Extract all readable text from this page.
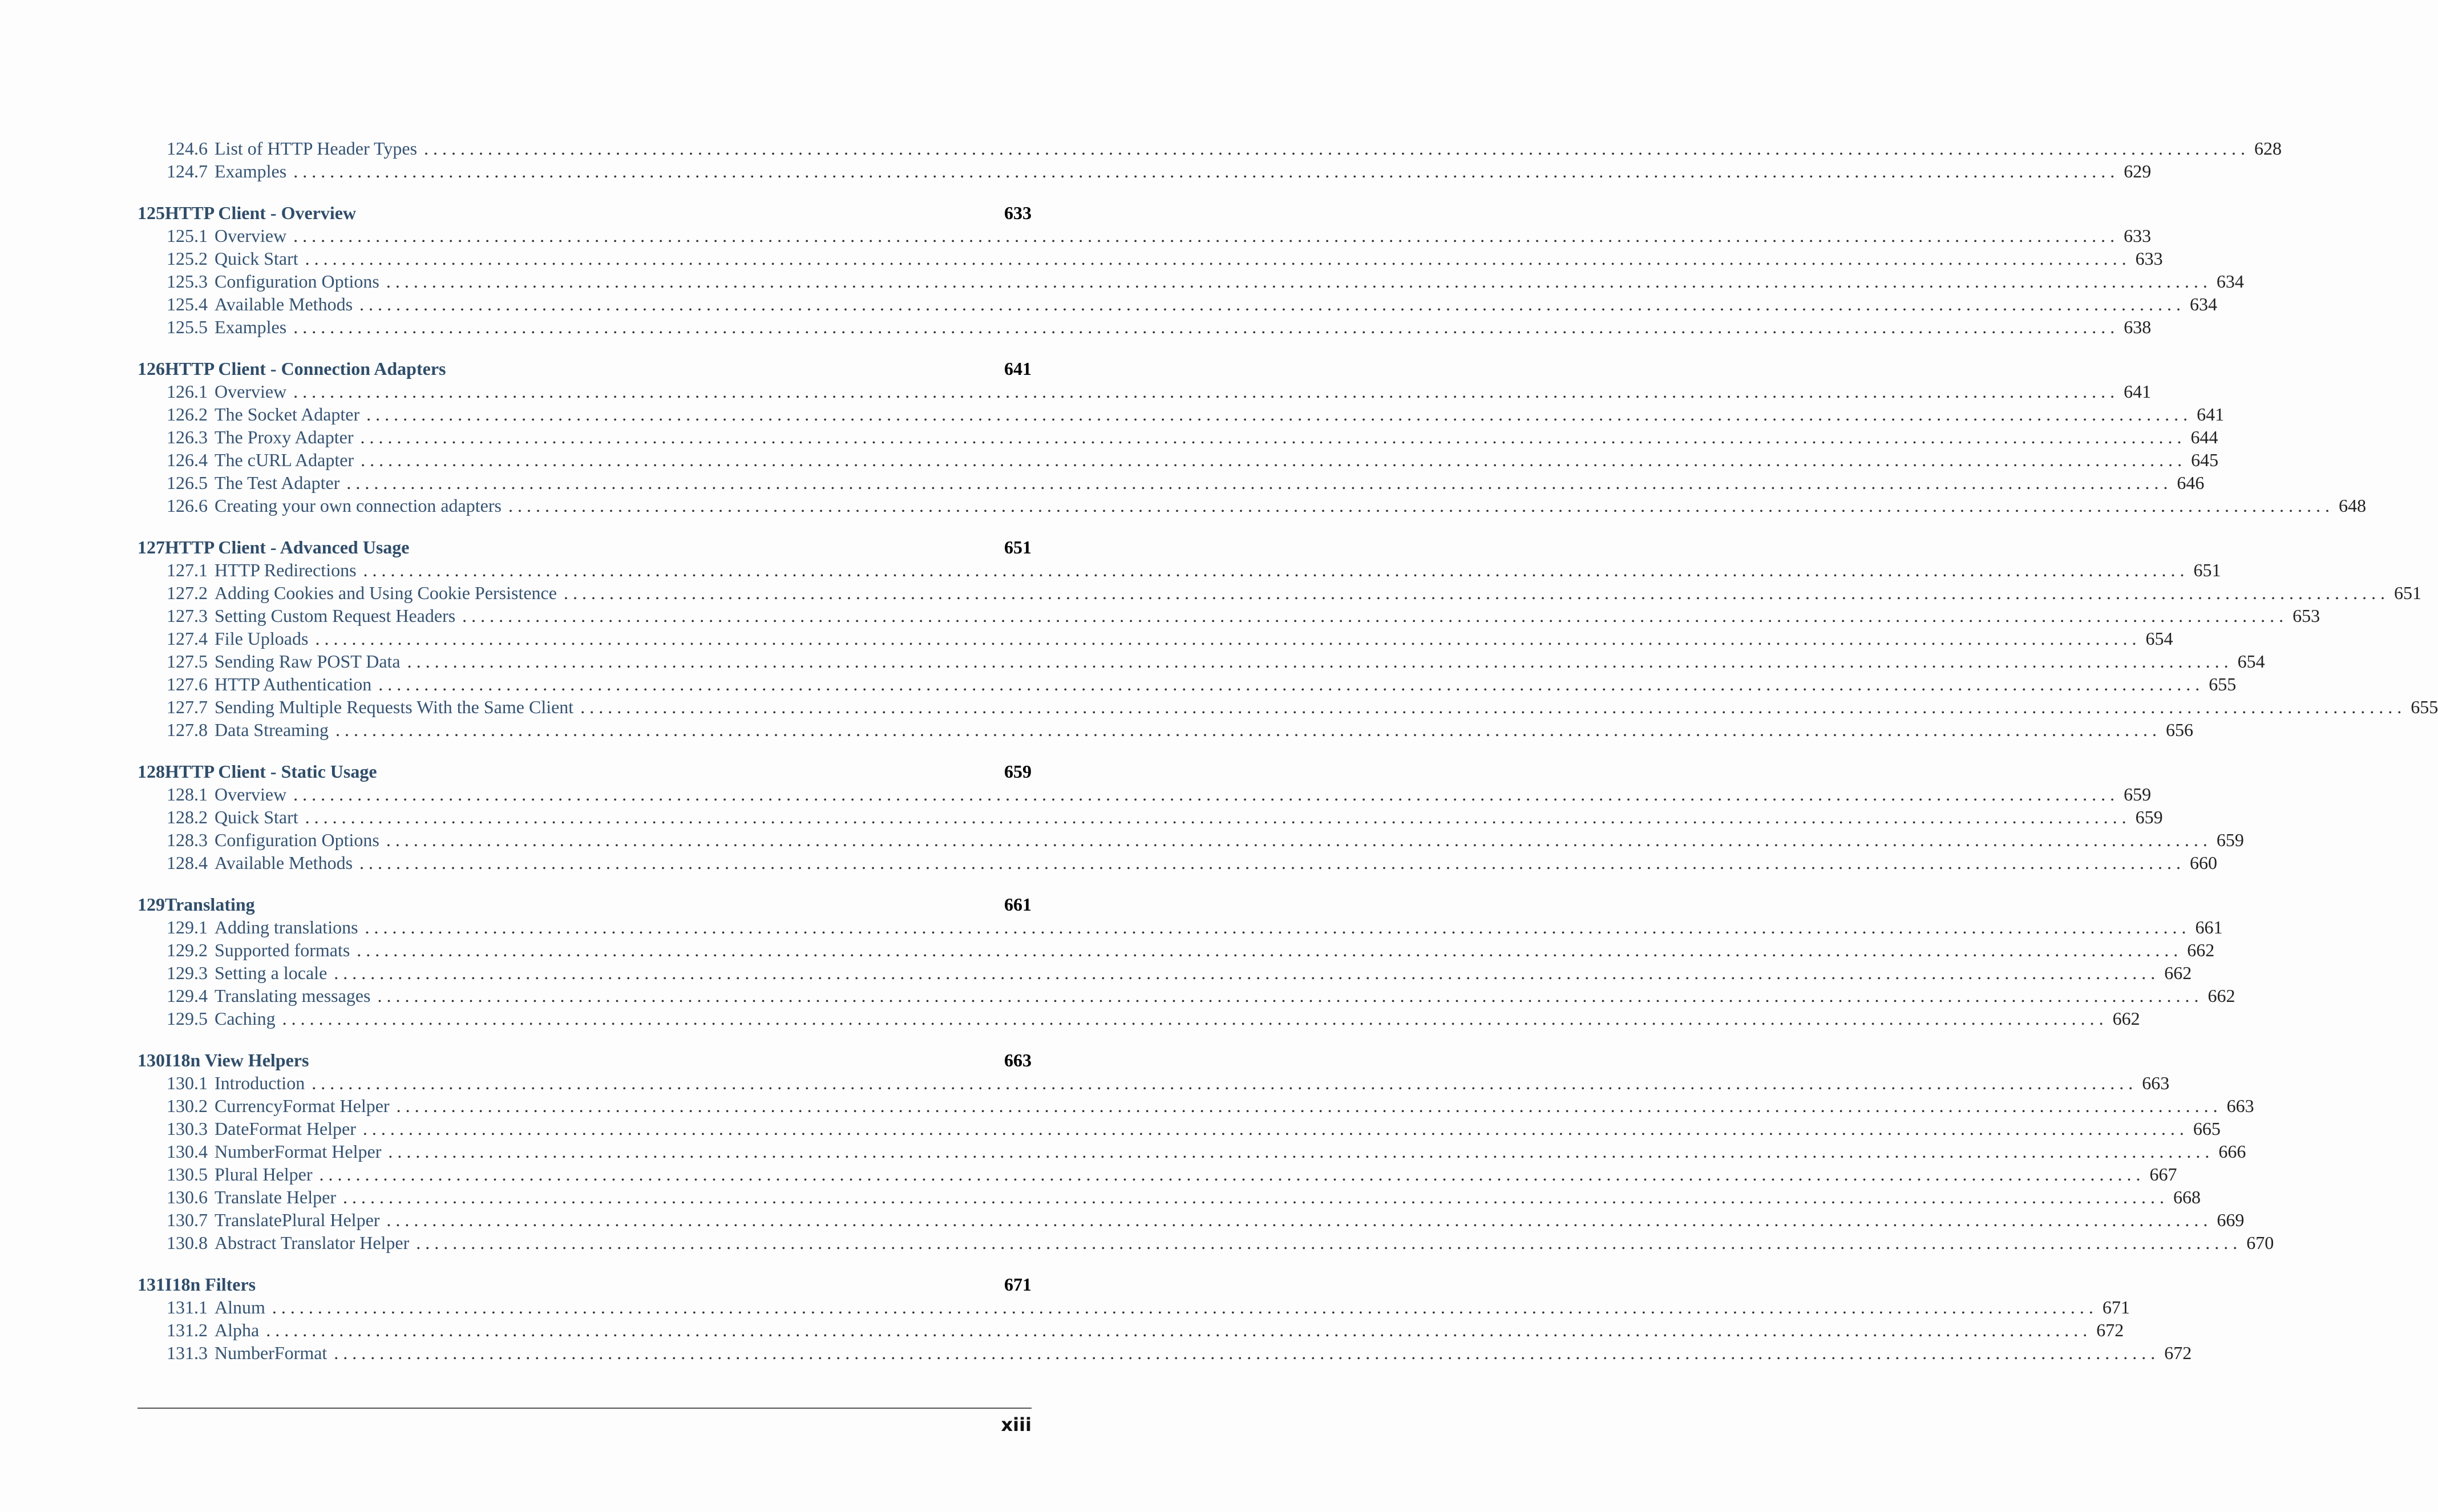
124.6 List of HTTP Header Types . . . . . . . . . . . . . . . . . . . . . . . . . . . . . . . . . . . . . . . . . . . . . . . . . . . . . . . . . . . . . . . . . . . . . . . . . . . . . . . . . . . . . . . . . . . . . . . . . . . . . . . . . . . . . . . . . . . . . . . . . . . . . . . . . . . . . . . . . . . . . . . . . . . . . . . . . . . . . . . . . . . . . . . . . . . . . . . . . . . . . . . . . . . . . . . . . . . . . . . . 628
124.7 Examples . . . . . . . . . . . . . . . . . . . . . . . . . . . . . . . . . . . . . . . . . . . . . . . . . . . . . . . . . . . . . . . . . . . . . . . . . . . . . . . . . . . . . . . . . . . . . . . . . . . . . . . . . . . . . . . . . . . . . . . . . . . . . . . . . . . . . . . . . . . . . . . . . . . . . . . . . . . . . . . . . . . . . . . . . . . . . . . . . . . . . . . . . . . . . . . . . . . . . . . . 629
125 HTTP Client - Overview	633
125.1 Overview . . . . . . . . . . . . . . . . . . . . . . . . . . . . . . . . . . . . . . . . . . . . . . . . . . . . . . . . . . . . . . . . . . . . . . . . . . . . . . . . . . . . . . . . . . . . . . . . . . . . . . . . . . . . . . . . . . . . . . . . . . . . . . . . . . . . . . . . . . . . . . . . . . . . . . . . . . . . . . . . . . . . . . . . . . . . . . . . . . . . . . . . . . . . . . . . . . . . . . . . 633
125.2 Quick Start . . . . . . . . . . . . . . . . . . . . . . . . . . . . . . . . . . . . . . . . . . . . . . . . . . . . . . . . . . . . . . . . . . . . . . . . . . . . . . . . . . . . . . . . . . . . . . . . . . . . . . . . . . . . . . . . . . . . . . . . . . . . . . . . . . . . . . . . . . . . . . . . . . . . . . . . . . . . . . . . . . . . . . . . . . . . . . . . . . . . . . . . . . . . . . . . . . . . . . . . 633
125.3 Configuration Options . . . . . . . . . . . . . . . . . . . . . . . . . . . . . . . . . . . . . . . . . . . . . . . . . . . . . . . . . . . . . . . . . . . . . . . . . . . . . . . . . . . . . . . . . . . . . . . . . . . . . . . . . . . . . . . . . . . . . . . . . . . . . . . . . . . . . . . . . . . . . . . . . . . . . . . . . . . . . . . . . . . . . . . . . . . . . . . . . . . . . . . . . . . . . . . . . . . . . . . . 634
125.4 Available Methods . . . . . . . . . . . . . . . . . . . . . . . . . . . . . . . . . . . . . . . . . . . . . . . . . . . . . . . . . . . . . . . . . . . . . . . . . . . . . . . . . . . . . . . . . . . . . . . . . . . . . . . . . . . . . . . . . . . . . . . . . . . . . . . . . . . . . . . . . . . . . . . . . . . . . . . . . . . . . . . . . . . . . . . . . . . . . . . . . . . . . . . . . . . . . . . . . . . . . . . . 634
125.5 Examples . . . . . . . . . . . . . . . . . . . . . . . . . . . . . . . . . . . . . . . . . . . . . . . . . . . . . . . . . . . . . . . . . . . . . . . . . . . . . . . . . . . . . . . . . . . . . . . . . . . . . . . . . . . . . . . . . . . . . . . . . . . . . . . . . . . . . . . . . . . . . . . . . . . . . . . . . . . . . . . . . . . . . . . . . . . . . . . . . . . . . . . . . . . . . . . . . . . . . . . . 638
126 HTTP Client - Connection Adapters	641
126.1 Overview . . . . . . . . . . . . . . . . . . . . . . . . . . . . . . . . . . . . . . . . . . . . . . . . . . . . . . . . . . . . . . . . . . . . . . . . . . . . . . . . . . . . . . . . . . . . . . . . . . . . . . . . . . . . . . . . . . . . . . . . . . . . . . . . . . . . . . . . . . . . . . . . . . . . . . . . . . . . . . . . . . . . . . . . . . . . . . . . . . . . . . . . . . . . . . . . . . . . . . . . 641
126.2 The Socket Adapter . . . . . . . . . . . . . . . . . . . . . . . . . . . . . . . . . . . . . . . . . . . . . . . . . . . . . . . . . . . . . . . . . . . . . . . . . . . . . . . . . . . . . . . . . . . . . . . . . . . . . . . . . . . . . . . . . . . . . . . . . . . . . . . . . . . . . . . . . . . . . . . . . . . . . . . . . . . . . . . . . . . . . . . . . . . . . . . . . . . . . . . . . . . . . . . . . . . . . . . . 641
126.3 The Proxy Adapter . . . . . . . . . . . . . . . . . . . . . . . . . . . . . . . . . . . . . . . . . . . . . . . . . . . . . . . . . . . . . . . . . . . . . . . . . . . . . . . . . . . . . . . . . . . . . . . . . . . . . . . . . . . . . . . . . . . . . . . . . . . . . . . . . . . . . . . . . . . . . . . . . . . . . . . . . . . . . . . . . . . . . . . . . . . . . . . . . . . . . . . . . . . . . . . . . . . . . . . . 644
126.4 The cURL Adapter . . . . . . . . . . . . . . . . . . . . . . . . . . . . . . . . . . . . . . . . . . . . . . . . . . . . . . . . . . . . . . . . . . . . . . . . . . . . . . . . . . . . . . . . . . . . . . . . . . . . . . . . . . . . . . . . . . . . . . . . . . . . . . . . . . . . . . . . . . . . . . . . . . . . . . . . . . . . . . . . . . . . . . . . . . . . . . . . . . . . . . . . . . . . . . . . . . . . . . . . 645
126.5 The Test Adapter . . . . . . . . . . . . . . . . . . . . . . . . . . . . . . . . . . . . . . . . . . . . . . . . . . . . . . . . . . . . . . . . . . . . . . . . . . . . . . . . . . . . . . . . . . . . . . . . . . . . . . . . . . . . . . . . . . . . . . . . . . . . . . . . . . . . . . . . . . . . . . . . . . . . . . . . . . . . . . . . . . . . . . . . . . . . . . . . . . . . . . . . . . . . . . . . . . . . . . . . 646
126.6 Creating your own connection adapters . . . . . . . . . . . . . . . . . . . . . . . . . . . . . . . . . . . . . . . . . . . . . . . . . . . . . . . . . . . . . . . . . . . . . . . . . . . . . . . . . . . . . . . . . . . . . . . . . . . . . . . . . . . . . . . . . . . . . . . . . . . . . . . . . . . . . . . . . . . . . . . . . . . . . . . . . . . . . . . . . . . . . . . . . . . . . . . . . . . . . . . . . . . . . . . . . . . . . . . . 648
127 HTTP Client - Advanced Usage	651
127.1 HTTP Redirections . . . . . . . . . . . . . . . . . . . . . . . . . . . . . . . . . . . . . . . . . . . . . . . . . . . . . . . . . . . . . . . . . . . . . . . . . . . . . . . . . . . . . . . . . . . . . . . . . . . . . . . . . . . . . . . . . . . . . . . . . . . . . . . . . . . . . . . . . . . . . . . . . . . . . . . . . . . . . . . . . . . . . . . . . . . . . . . . . . . . . . . . . . . . . . . . . . . . . . . . 651
127.2 Adding Cookies and Using Cookie Persistence . . . . . . . . . . . . . . . . . . . . . . . . . . . . . . . . . . . . . . . . . . . . . . . . . . . . . . . . . . . . . . . . . . . . . . . . . . . . . . . . . . . . . . . . . . . . . . . . . . . . . . . . . . . . . . . . . . . . . . . . . . . . . . . . . . . . . . . . . . . . . . . . . . . . . . . . . . . . . . . . . . . . . . . . . . . . . . . . . . . . . . . . . . . . . . . . . . . . . . . . 651
127.3 Setting Custom Request Headers . . . . . . . . . . . . . . . . . . . . . . . . . . . . . . . . . . . . . . . . . . . . . . . . . . . . . . . . . . . . . . . . . . . . . . . . . . . . . . . . . . . . . . . . . . . . . . . . . . . . . . . . . . . . . . . . . . . . . . . . . . . . . . . . . . . . . . . . . . . . . . . . . . . . . . . . . . . . . . . . . . . . . . . . . . . . . . . . . . . . . . . . . . . . . . . . . . . . . . . . 653
127.4 File Uploads . . . . . . . . . . . . . . . . . . . . . . . . . . . . . . . . . . . . . . . . . . . . . . . . . . . . . . . . . . . . . . . . . . . . . . . . . . . . . . . . . . . . . . . . . . . . . . . . . . . . . . . . . . . . . . . . . . . . . . . . . . . . . . . . . . . . . . . . . . . . . . . . . . . . . . . . . . . . . . . . . . . . . . . . . . . . . . . . . . . . . . . . . . . . . . . . . . . . . . . . 654
127.5 Sending Raw POST Data . . . . . . . . . . . . . . . . . . . . . . . . . . . . . . . . . . . . . . . . . . . . . . . . . . . . . . . . . . . . . . . . . . . . . . . . . . . . . . . . . . . . . . . . . . . . . . . . . . . . . . . . . . . . . . . . . . . . . . . . . . . . . . . . . . . . . . . . . . . . . . . . . . . . . . . . . . . . . . . . . . . . . . . . . . . . . . . . . . . . . . . . . . . . . . . . . . . . . . . . 654
127.6 HTTP Authentication . . . . . . . . . . . . . . . . . . . . . . . . . . . . . . . . . . . . . . . . . . . . . . . . . . . . . . . . . . . . . . . . . . . . . . . . . . . . . . . . . . . . . . . . . . . . . . . . . . . . . . . . . . . . . . . . . . . . . . . . . . . . . . . . . . . . . . . . . . . . . . . . . . . . . . . . . . . . . . . . . . . . . . . . . . . . . . . . . . . . . . . . . . . . . . . . . . . . . . . . 655
127.7 Sending Multiple Requests With the Same Client . . . . . . . . . . . . . . . . . . . . . . . . . . . . . . . . . . . . . . . . . . . . . . . . . . . . . . . . . . . . . . . . . . . . . . . . . . . . . . . . . . . . . . . . . . . . . . . . . . . . . . . . . . . . . . . . . . . . . . . . . . . . . . . . . . . . . . . . . . . . . . . . . . . . . . . . . . . . . . . . . . . . . . . . . . . . . . . . . . . . . . . . . . . . . . . . . . . . . . . . 655
127.8 Data Streaming . . . . . . . . . . . . . . . . . . . . . . . . . . . . . . . . . . . . . . . . . . . . . . . . . . . . . . . . . . . . . . . . . . . . . . . . . . . . . . . . . . . . . . . . . . . . . . . . . . . . . . . . . . . . . . . . . . . . . . . . . . . . . . . . . . . . . . . . . . . . . . . . . . . . . . . . . . . . . . . . . . . . . . . . . . . . . . . . . . . . . . . . . . . . . . . . . . . . . . . . 656
128 HTTP Client - Static Usage	659
128.1 Overview . . . . . . . . . . . . . . . . . . . . . . . . . . . . . . . . . . . . . . . . . . . . . . . . . . . . . . . . . . . . . . . . . . . . . . . . . . . . . . . . . . . . . . . . . . . . . . . . . . . . . . . . . . . . . . . . . . . . . . . . . . . . . . . . . . . . . . . . . . . . . . . . . . . . . . . . . . . . . . . . . . . . . . . . . . . . . . . . . . . . . . . . . . . . . . . . . . . . . . . . 659
128.2 Quick Start . . . . . . . . . . . . . . . . . . . . . . . . . . . . . . . . . . . . . . . . . . . . . . . . . . . . . . . . . . . . . . . . . . . . . . . . . . . . . . . . . . . . . . . . . . . . . . . . . . . . . . . . . . . . . . . . . . . . . . . . . . . . . . . . . . . . . . . . . . . . . . . . . . . . . . . . . . . . . . . . . . . . . . . . . . . . . . . . . . . . . . . . . . . . . . . . . . . . . . . . 659
128.3 Configuration Options . . . . . . . . . . . . . . . . . . . . . . . . . . . . . . . . . . . . . . . . . . . . . . . . . . . . . . . . . . . . . . . . . . . . . . . . . . . . . . . . . . . . . . . . . . . . . . . . . . . . . . . . . . . . . . . . . . . . . . . . . . . . . . . . . . . . . . . . . . . . . . . . . . . . . . . . . . . . . . . . . . . . . . . . . . . . . . . . . . . . . . . . . . . . . . . . . . . . . . . . 659
128.4 Available Methods . . . . . . . . . . . . . . . . . . . . . . . . . . . . . . . . . . . . . . . . . . . . . . . . . . . . . . . . . . . . . . . . . . . . . . . . . . . . . . . . . . . . . . . . . . . . . . . . . . . . . . . . . . . . . . . . . . . . . . . . . . . . . . . . . . . . . . . . . . . . . . . . . . . . . . . . . . . . . . . . . . . . . . . . . . . . . . . . . . . . . . . . . . . . . . . . . . . . . . . . 660
129 Translating	661
129.1 Adding translations . . . . . . . . . . . . . . . . . . . . . . . . . . . . . . . . . . . . . . . . . . . . . . . . . . . . . . . . . . . . . . . . . . . . . . . . . . . . . . . . . . . . . . . . . . . . . . . . . . . . . . . . . . . . . . . . . . . . . . . . . . . . . . . . . . . . . . . . . . . . . . . . . . . . . . . . . . . . . . . . . . . . . . . . . . . . . . . . . . . . . . . . . . . . . . . . . . . . . . . . 661
129.2 Supported formats . . . . . . . . . . . . . . . . . . . . . . . . . . . . . . . . . . . . . . . . . . . . . . . . . . . . . . . . . . . . . . . . . . . . . . . . . . . . . . . . . . . . . . . . . . . . . . . . . . . . . . . . . . . . . . . . . . . . . . . . . . . . . . . . . . . . . . . . . . . . . . . . . . . . . . . . . . . . . . . . . . . . . . . . . . . . . . . . . . . . . . . . . . . . . . . . . . . . . . . . 662
129.3 Setting a locale . . . . . . . . . . . . . . . . . . . . . . . . . . . . . . . . . . . . . . . . . . . . . . . . . . . . . . . . . . . . . . . . . . . . . . . . . . . . . . . . . . . . . . . . . . . . . . . . . . . . . . . . . . . . . . . . . . . . . . . . . . . . . . . . . . . . . . . . . . . . . . . . . . . . . . . . . . . . . . . . . . . . . . . . . . . . . . . . . . . . . . . . . . . . . . . . . . . . . . . . 662
129.4 Translating messages . . . . . . . . . . . . . . . . . . . . . . . . . . . . . . . . . . . . . . . . . . . . . . . . . . . . . . . . . . . . . . . . . . . . . . . . . . . . . . . . . . . . . . . . . . . . . . . . . . . . . . . . . . . . . . . . . . . . . . . . . . . . . . . . . . . . . . . . . . . . . . . . . . . . . . . . . . . . . . . . . . . . . . . . . . . . . . . . . . . . . . . . . . . . . . . . . . . . . . . . 662
129.5 Caching . . . . . . . . . . . . . . . . . . . . . . . . . . . . . . . . . . . . . . . . . . . . . . . . . . . . . . . . . . . . . . . . . . . . . . . . . . . . . . . . . . . . . . . . . . . . . . . . . . . . . . . . . . . . . . . . . . . . . . . . . . . . . . . . . . . . . . . . . . . . . . . . . . . . . . . . . . . . . . . . . . . . . . . . . . . . . . . . . . . . . . . . . . . . . . . . . . . . . . . . 662
130 I18n View Helpers	663
130.1 Introduction . . . . . . . . . . . . . . . . . . . . . . . . . . . . . . . . . . . . . . . . . . . . . . . . . . . . . . . . . . . . . . . . . . . . . . . . . . . . . . . . . . . . . . . . . . . . . . . . . . . . . . . . . . . . . . . . . . . . . . . . . . . . . . . . . . . . . . . . . . . . . . . . . . . . . . . . . . . . . . . . . . . . . . . . . . . . . . . . . . . . . . . . . . . . . . . . . . . . . . . . 663
130.2 CurrencyFormat Helper . . . . . . . . . . . . . . . . . . . . . . . . . . . . . . . . . . . . . . . . . . . . . . . . . . . . . . . . . . . . . . . . . . . . . . . . . . . . . . . . . . . . . . . . . . . . . . . . . . . . . . . . . . . . . . . . . . . . . . . . . . . . . . . . . . . . . . . . . . . . . . . . . . . . . . . . . . . . . . . . . . . . . . . . . . . . . . . . . . . . . . . . . . . . . . . . . . . . . . . . 663
130.3 DateFormat Helper . . . . . . . . . . . . . . . . . . . . . . . . . . . . . . . . . . . . . . . . . . . . . . . . . . . . . . . . . . . . . . . . . . . . . . . . . . . . . . . . . . . . . . . . . . . . . . . . . . . . . . . . . . . . . . . . . . . . . . . . . . . . . . . . . . . . . . . . . . . . . . . . . . . . . . . . . . . . . . . . . . . . . . . . . . . . . . . . . . . . . . . . . . . . . . . . . . . . . . . . 665
130.4 NumberFormat Helper . . . . . . . . . . . . . . . . . . . . . . . . . . . . . . . . . . . . . . . . . . . . . . . . . . . . . . . . . . . . . . . . . . . . . . . . . . . . . . . . . . . . . . . . . . . . . . . . . . . . . . . . . . . . . . . . . . . . . . . . . . . . . . . . . . . . . . . . . . . . . . . . . . . . . . . . . . . . . . . . . . . . . . . . . . . . . . . . . . . . . . . . . . . . . . . . . . . . . . . . 666
130.5 Plural Helper . . . . . . . . . . . . . . . . . . . . . . . . . . . . . . . . . . . . . . . . . . . . . . . . . . . . . . . . . . . . . . . . . . . . . . . . . . . . . . . . . . . . . . . . . . . . . . . . . . . . . . . . . . . . . . . . . . . . . . . . . . . . . . . . . . . . . . . . . . . . . . . . . . . . . . . . . . . . . . . . . . . . . . . . . . . . . . . . . . . . . . . . . . . . . . . . . . . . . . . . 667
130.6 Translate Helper . . . . . . . . . . . . . . . . . . . . . . . . . . . . . . . . . . . . . . . . . . . . . . . . . . . . . . . . . . . . . . . . . . . . . . . . . . . . . . . . . . . . . . . . . . . . . . . . . . . . . . . . . . . . . . . . . . . . . . . . . . . . . . . . . . . . . . . . . . . . . . . . . . . . . . . . . . . . . . . . . . . . . . . . . . . . . . . . . . . . . . . . . . . . . . . . . . . . . . . . 668
130.7 TranslatePlural Helper . . . . . . . . . . . . . . . . . . . . . . . . . . . . . . . . . . . . . . . . . . . . . . . . . . . . . . . . . . . . . . . . . . . . . . . . . . . . . . . . . . . . . . . . . . . . . . . . . . . . . . . . . . . . . . . . . . . . . . . . . . . . . . . . . . . . . . . . . . . . . . . . . . . . . . . . . . . . . . . . . . . . . . . . . . . . . . . . . . . . . . . . . . . . . . . . . . . . . . . . 669
130.8 Abstract Translator Helper . . . . . . . . . . . . . . . . . . . . . . . . . . . . . . . . . . . . . . . . . . . . . . . . . . . . . . . . . . . . . . . . . . . . . . . . . . . . . . . . . . . . . . . . . . . . . . . . . . . . . . . . . . . . . . . . . . . . . . . . . . . . . . . . . . . . . . . . . . . . . . . . . . . . . . . . . . . . . . . . . . . . . . . . . . . . . . . . . . . . . . . . . . . . . . . . . . . . . . . . 670
131 I18n Filters	671
131.1 Alnum . . . . . . . . . . . . . . . . . . . . . . . . . . . . . . . . . . . . . . . . . . . . . . . . . . . . . . . . . . . . . . . . . . . . . . . . . . . . . . . . . . . . . . . . . . . . . . . . . . . . . . . . . . . . . . . . . . . . . . . . . . . . . . . . . . . . . . . . . . . . . . . . . . . . . . . . . . . . . . . . . . . . . . . . . . . . . . . . . . . . . . . . . . . . . . . . . . . . . . . . 671
131.2 Alpha . . . . . . . . . . . . . . . . . . . . . . . . . . . . . . . . . . . . . . . . . . . . . . . . . . . . . . . . . . . . . . . . . . . . . . . . . . . . . . . . . . . . . . . . . . . . . . . . . . . . . . . . . . . . . . . . . . . . . . . . . . . . . . . . . . . . . . . . . . . . . . . . . . . . . . . . . . . . . . . . . . . . . . . . . . . . . . . . . . . . . . . . . . . . . . . . . . . . . . . . 672
131.3 NumberFormat . . . . . . . . . . . . . . . . . . . . . . . . . . . . . . . . . . . . . . . . . . . . . . . . . . . . . . . . . . . . . . . . . . . . . . . . . . . . . . . . . . . . . . . . . . . . . . . . . . . . . . . . . . . . . . . . . . . . . . . . . . . . . . . . . . . . . . . . . . . . . . . . . . . . . . . . . . . . . . . . . . . . . . . . . . . . . . . . . . . . . . . . . . . . . . . . . . . . . . . . 672
xiii
